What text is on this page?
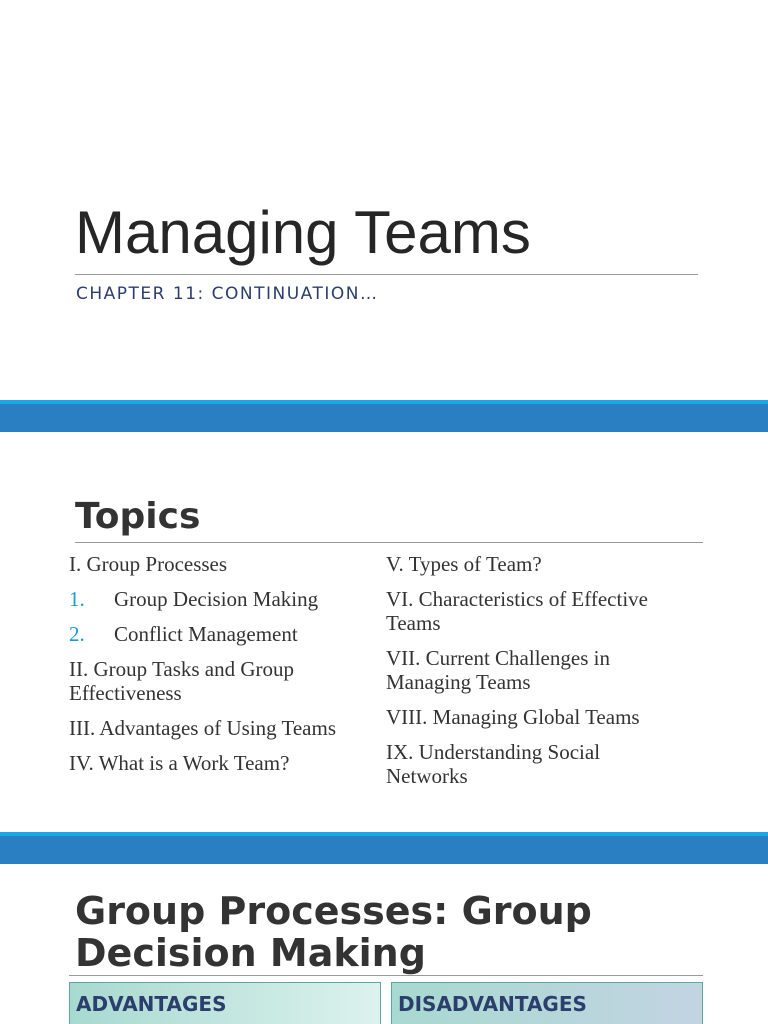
Managing Teams
CHAPTER 11: CONTINUATION…
Topics
I. Group Processes
1. Group Decision Making
2. Conflict Management
II. Group Tasks and Group Effectiveness
III. Advantages of Using Teams
IV. What is a Work Team?
V. Types of Team?
VI. Characteristics of Effective Teams
VII. Current Challenges in Managing Teams
VIII. Managing Global Teams
IX. Understanding Social Networks
Group Processes: Group Decision Making
ADVANTAGES	DISADVANTAGES
